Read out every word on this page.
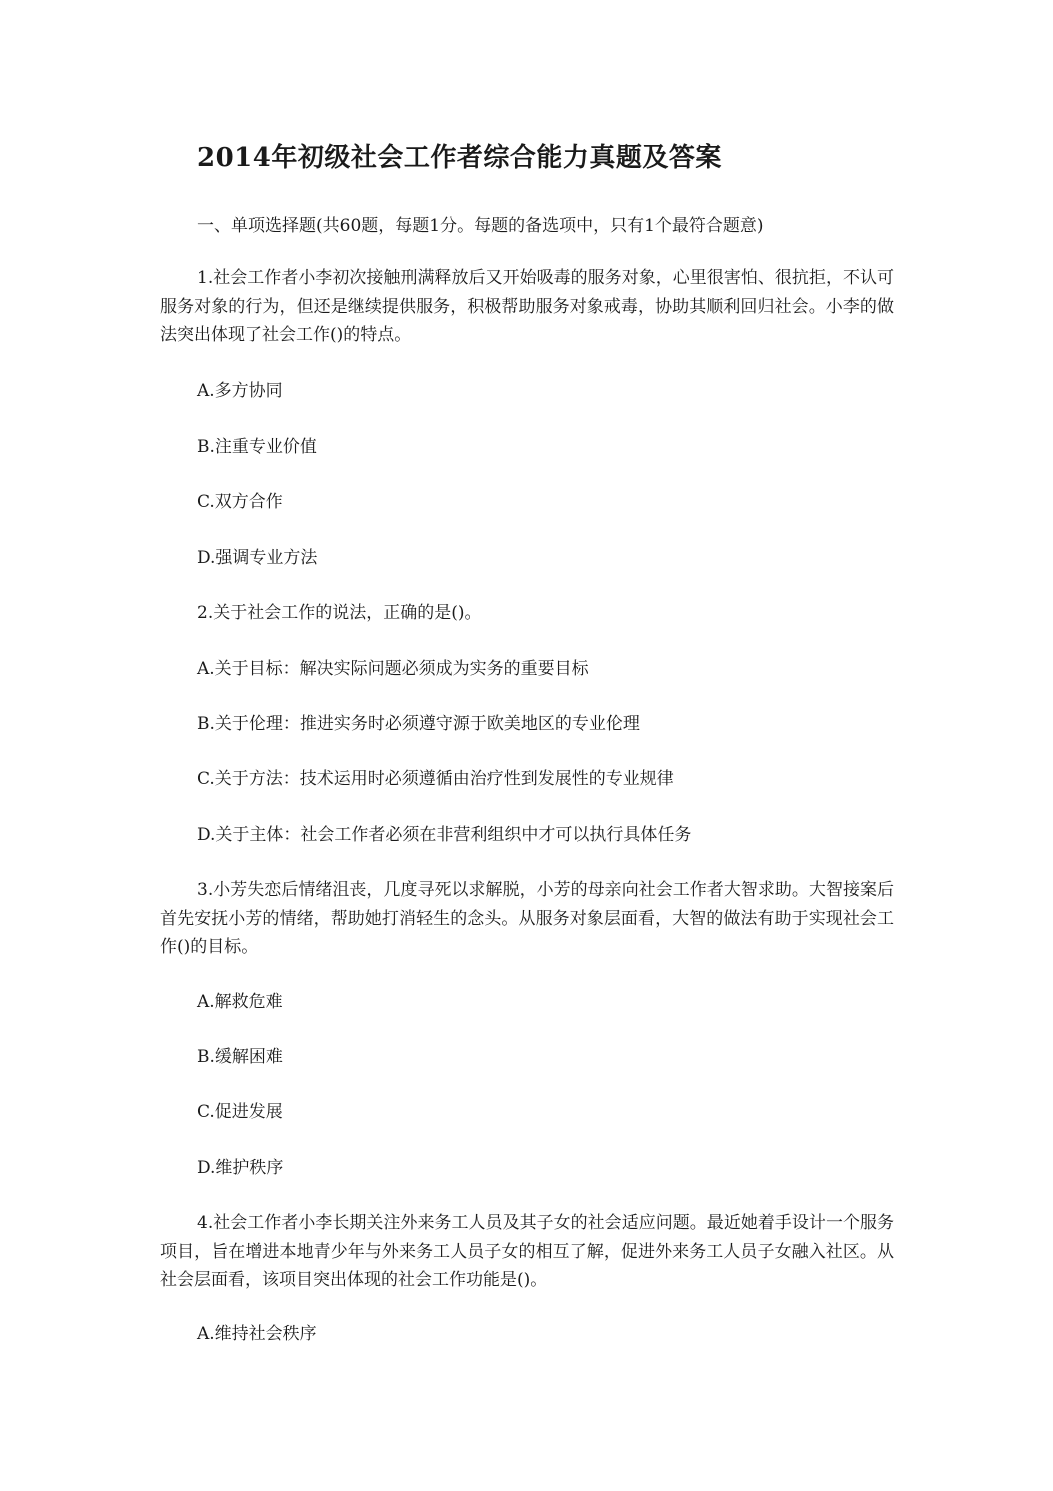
2014年初级社会工作者综合能力真题及答案

一、单项选择题(共60题，每题1分。每题的备选项中，只有1个最符合题意)

1.社会工作者小李初次接触刑满释放后又开始吸毒的服务对象，心里很害怕、很抗拒，不认可服务对象的行为，但还是继续提供服务，积极帮助服务对象戒毒，协助其顺利回归社会。小李的做法突出体现了社会工作()的特点。

A.多方协同

B.注重专业价值

C.双方合作

D.强调专业方法

2.关于社会工作的说法，正确的是()。

A.关于目标：解决实际问题必须成为实务的重要目标

B.关于伦理：推进实务时必须遵守源于欧美地区的专业伦理

C.关于方法：技术运用时必须遵循由治疗性到发展性的专业规律

D.关于主体：社会工作者必须在非营利组织中才可以执行具体任务

3.小芳失恋后情绪沮丧，几度寻死以求解脱，小芳的母亲向社会工作者大智求助。大智接案后首先安抚小芳的情绪，帮助她打消轻生的念头。从服务对象层面看，大智的做法有助于实现社会工作()的目标。

A.解救危难

B.缓解困难

C.促进发展

D.维护秩序

4.社会工作者小李长期关注外来务工人员及其子女的社会适应问题。最近她着手设计一个服务项目，旨在增进本地青少年与外来务工人员子女的相互了解，促进外来务工人员子女融入社区。从社会层面看，该项目突出体现的社会工作功能是()。

A.维持社会秩序
